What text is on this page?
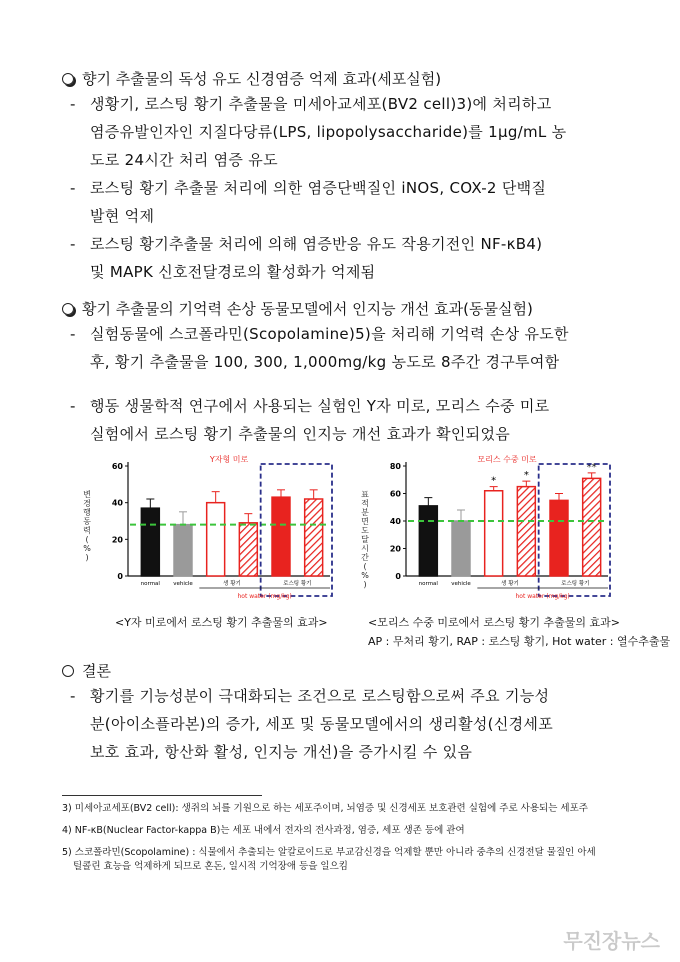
향기 추출물의 독성 유도 신경염증 억제 효과(세포실험)
- 생황기, 로스팅 황기 추출물을 미세아교세포(BV2 cell)3)에 처리하고
염증유발인자인 지질다당류(LPS, lipopolysaccharide)를 1μg/mL 농
도로 24시간 처리 염증 유도
- 로스팅 황기 추출물 처리에 의한 염증단백질인 iNOS, COX-2 단백질
발현 억제
- 로스팅 황기추출물 처리에 의해 염증반응 유도 작용기전인 NF-κB4)
및 MAPK 신호전달경로의 활성화가 억제됨
황기 추출물의 기억력 손상 동물모델에서 인지능 개선 효과(동물실험)
- 실험동물에 스코폴라민(Scopolamine)5)을 처리해 기억력 손상 유도한
후, 황기 추출물을 100, 300, 1,000mg/kg 농도로 8주간 경구투여함
- 행동 생물학적 연구에서 사용되는 실험인 Y자 미로, 모리스 수중 미로
실험에서 로스팅 황기 추출물의 인지능 개선 효과가 확인되었음
Y자형 미로
변
경
행
동
력
(
%
)
0
20
40
60
normal vehicle	생 황기	로스팅 황기
hot water (mg/kg)
모리스 수중 미로
표
적
분
면
도
달
시
간
(
%
)
0
20
40
60
80
*	*
**
normal vehicle	생 황기	로스팅 황기
hot water (mg/kg)
<Y자 미로에서 로스팅 황기 추출물의 효과>	<모리스 수중 미로에서 로스팅 황기 추출물의 효과>
AP : 무처리 황기, RAP : 로스팅 황기, Hot water : 열수추출물
결론
- 황기를 기능성분이 극대화되는 조건으로 로스팅함으로써 주요 기능성
분(아이소플라본)의 증가, 세포 및 동물모델에서의 생리활성(신경세포
보호 효과, 항산화 활성, 인지능 개선)을 증가시킬 수 있음
3) 미세아교세포(BV2 cell): 생쥐의 뇌를 기원으로 하는 세포주이며, 뇌염증 및 신경세포 보호관련 실험에 주로 사용되는 세포주
4) NF-κB(Nuclear Factor-kappa B)는 세포 내에서 전자의 전사과정, 염증, 세포 생존 등에 관여
5) 스코폴라민(Scopolamine) : 식물에서 추출되는 알칼로이드로 부교감신경을 억제할 뿐만 아니라 중추의 신경전달 물질인 아세
틸콜린 효능을 억제하게 되므로 혼돈, 일시적 기억장애 등을 일으킴
무진장뉴스
